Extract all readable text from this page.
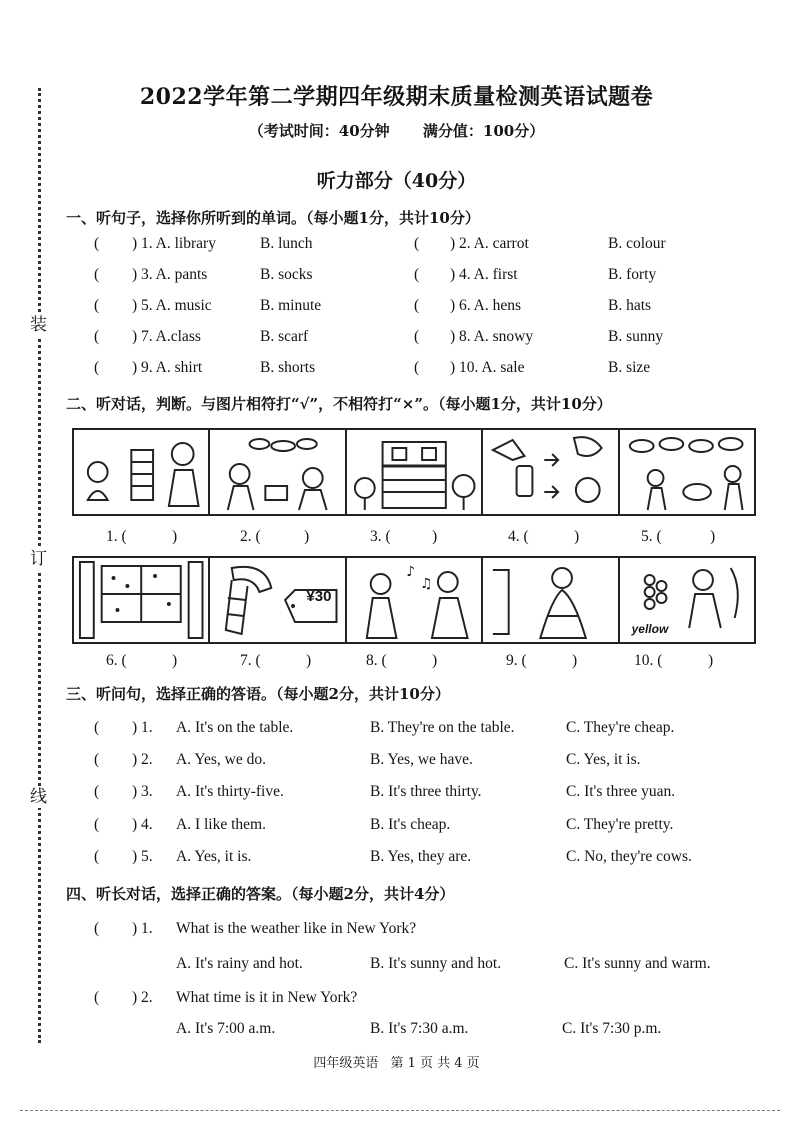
装
订
线
2022学年第二学期四年级期末质量检测英语试题卷
（考试时间：40分钟 满分值：100分）
听力部分（40分）
一、听句子，选择你所听到的单词。（每小题1分，共计10分）
( ) 1. A. library	B. lunch	( ) 2. A. carrot	B. colour
( ) 3. A. pants	B. socks	( ) 4. A. first	B. forty
( ) 5. A. music	B. minute	( ) 6. A. hens	B. hats
( ) 7. A.class	B. scarf	( ) 8. A. snowy	B. sunny
( ) 9. A. shirt	B. shorts	( ) 10. A. sale	B. size
二、听对话，判断。与图片相符打“√”，不相符打“×”。（每小题1分，共计10分）
1. (	)	2. (	)	3. (	)	4. (	)	5. (	)
¥30
♪
♫
yellow
6. (	)	7. (	)	8. (	)	9. (	)	10. (	)
三、听问句，选择正确的答语。（每小题2分，共计10分）
( ) 1. A. It's on the table.	B. They're on the table.	C. They're cheap.
( ) 2. A. Yes, we do.	B. Yes, we have.	C. Yes, it is.
( ) 3. A. It's thirty-five.	B. It's three thirty.	C. It's three yuan.
( ) 4. A. I like them.	B. It's cheap.	C. They're pretty.
( ) 5. A. Yes, it is.	B. Yes, they are.	C. No, they're cows.
四、听长对话，选择正确的答案。（每小题2分，共计4分）
( ) 1. What is the weather like in New York?
A. It's rainy and hot.	B. It's sunny and hot.	C. It's sunny and warm.
( ) 2. What time is it in New York?
A. It's 7:00 a.m.	B. It's 7:30 a.m.	C. It's 7:30 p.m.
四年级英语 第 1 页 共 4 页
